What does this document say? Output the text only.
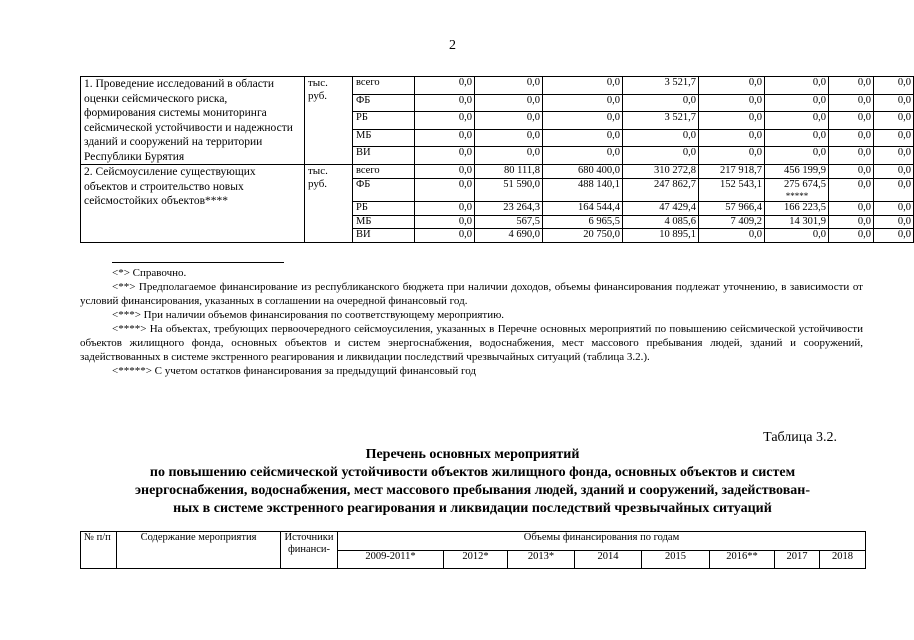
2
1. Проведение исследований в области оценки сейсмического риска, формирования системы мониторинга сейсмической устойчивости и надежности зданий и сооружений на территории Республики Бурятия	тыс. руб.	всего	0,0	0,0	0,0	3 521,7	0,0	0,0	0,0	0,0
		ФБ	0,0	0,0	0,0	0,0	0,0	0,0	0,0	0,0
		РБ	0,0	0,0	0,0	3 521,7	0,0	0,0	0,0	0,0
		МБ	0,0	0,0	0,0	0,0	0,0	0,0	0,0	0,0
		ВИ	0,0	0,0	0,0	0,0	0,0	0,0	0,0	0,0
2. Сейсмоусиление существующих объектов и строительство новых сейсмостойких объектов****	тыс. руб.	всего	0,0	80 111,8	680 400,0	310 272,8	217 918,7	456 199,9	0,0	0,0
		ФБ	0,0	51 590,0	488 140,1	247 862,7	152 543,1	275 674,5
*****	0,0	0,0
		РБ	0,0	23 264,3	164 544,4	47 429,4	57 966,4	166 223,5	0,0	0,0
		МБ	0,0	567,5	6 965,5	4 085,6	7 409,2	14 301,9	0,0	0,0
		ВИ	0,0	4 690,0	20 750,0	10 895,1	0,0	0,0	0,0	0,0

<*> Справочно.

<**> Предполагаемое финансирование из республиканского бюджета при наличии доходов, объемы финансирования подлежат уточнению, в зависимости от условий финансирования, указанных в соглашении на очередной финансовый год.

<***> При наличии объемов финансирования по соответствующему мероприятию.

<****> На объектах, требующих первоочередного сейсмоусиления, указанных в Перечне основных мероприятий по повышению сейсмической устойчивости объектов жилищного фонда, основных объектов и систем энергоснабжения, водоснабжения, мест массового пребывания людей, зданий и сооружений, задействованных в системе экстренного реагирования и ликвидации последствий чрезвычайных ситуаций (таблица 3.2.).

<*****> С учетом остатков финансирования за предыдущий финансовый год

Таблица 3.2.
Перечень основных мероприятий
по повышению сейсмической устойчивости объектов жилищного фонда, основных объектов и систем
энергоснабжения, водоснабжения, мест массового пребывания людей, зданий и сооружений, задействован-
ных в системе экстренного реагирования и ликвидации последствий чрезвычайных ситуаций
№ п/п	Содержание мероприятия	Источники финанси-	Объемы финансирования по годам							
			2009-2011*	2012*	2013*	2014	2015	2016**	2017	2018
